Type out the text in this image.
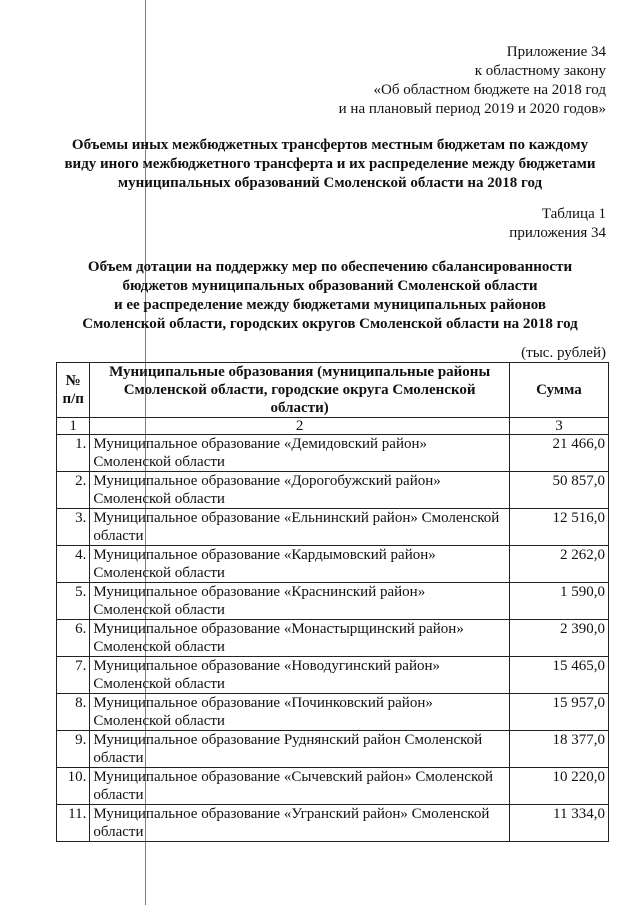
Приложение 34
к областному закону
«Об областном бюджете на 2018 год
и на плановый период 2019 и 2020 годов»
Объемы иных межбюджетных трансфертов местным бюджетам по каждому
виду иного межбюджетного трансферта и их распределение между бюджетами
муниципальных образований Смоленской области на 2018 год
Таблица 1
приложения 34
Объем дотации на поддержку мер по обеспечению сбалансированности
бюджетов муниципальных образований Смоленской области
и ее распределение между бюджетами муниципальных районов
Смоленской области, городских округов Смоленской области на 2018 год
(тыс. рублей)
№ п/п	Муниципальные образования (муниципальные районы Смоленской области, городские округа Смоленской области)	Сумма
1	2	3
1.	Муниципальное образование «Демидовский район» Смоленской области	21 466,0
2.	Муниципальное образование «Дорогобужский район» Смоленской области	50 857,0
3.	Муниципальное образование «Ельнинский район» Смоленской области	12 516,0
4.	Муниципальное образование «Кардымовский район» Смоленской области	2 262,0
5.	Муниципальное образование «Краснинский район» Смоленской области	1 590,0
6.	Муниципальное образование «Монастырщинский район» Смоленской области	2 390,0
7.	Муниципальное образование «Новодугинский район» Смоленской области	15 465,0
8.	Муниципальное образование «Починковский район» Смоленской области	15 957,0
9.	Муниципальное образование Руднянский район Смоленской области	18 377,0
10.	Муниципальное образование «Сычевский район» Смоленской области	10 220,0
11.	Муниципальное образование «Угранский район» Смоленской области	11 334,0
